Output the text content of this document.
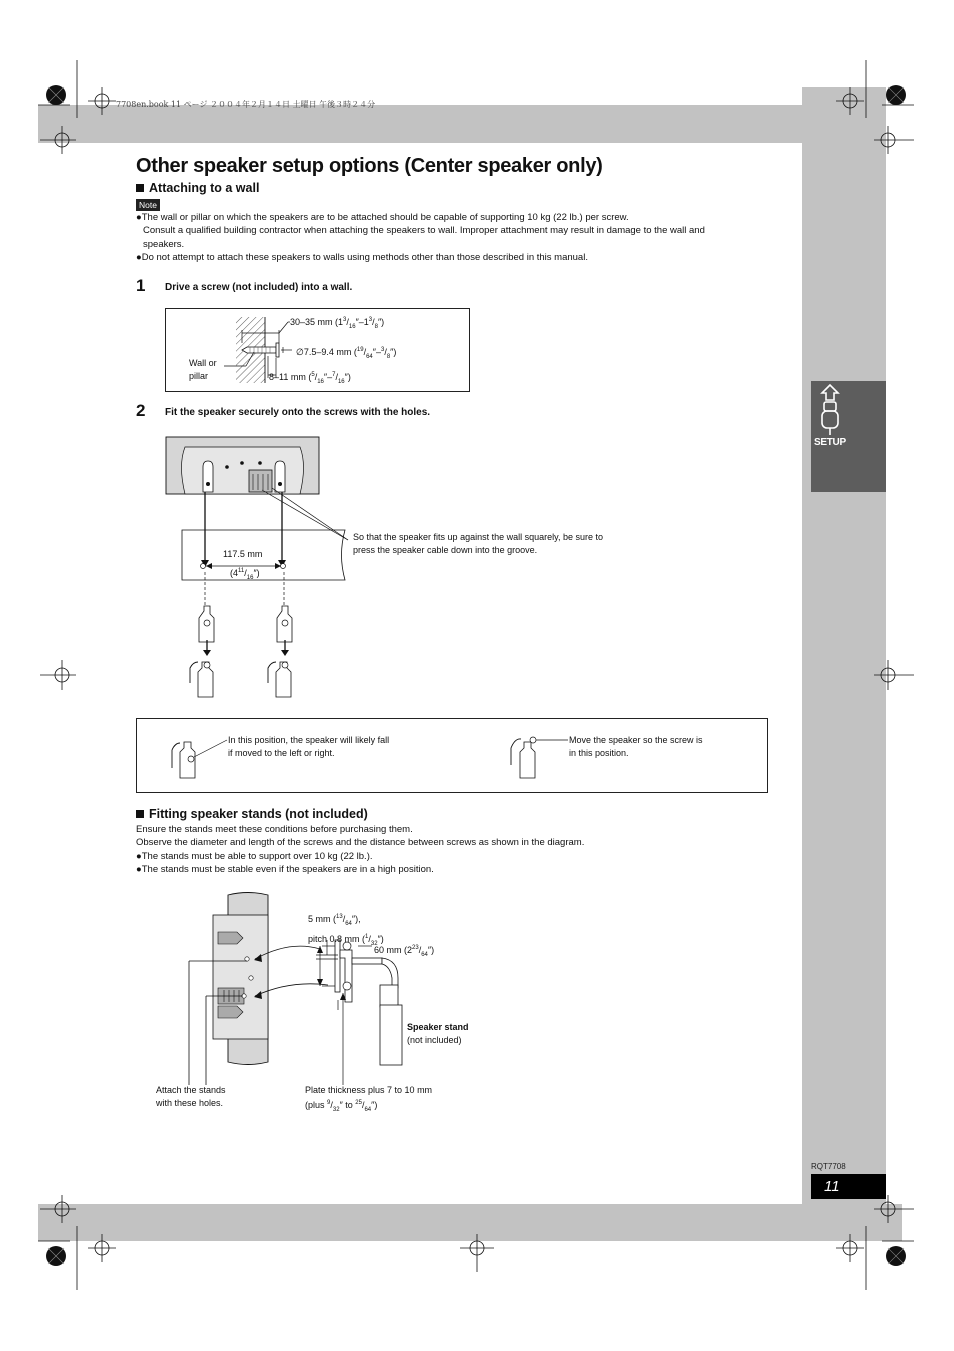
7708en.book 11 ページ ２００４年２月１４日 土曜日 午後３時２４分
SETUP
Other speaker setup options (Center speaker only)
Attaching to a wall
Note
●The wall or pillar on which the speakers are to be attached should be capable of supporting 10 kg (22 lb.) per screw.
Consult a qualified building contractor when attaching the speakers to wall. Improper attachment may result in damage to the wall and
speakers.
●Do not attempt to attach these speakers to walls using methods other than those described in this manual.
1 Drive a screw (not included) into a wall.
30–35 mm $(1^3/_{16}''-1^3/_8'')$
∅7.5–9.4 mm $(^{19}/_{64}''-^3/_8'')$
8–11 mm $(^5/_{16}''-^7/_{16}'')$
Wall or
pillar
2 Fit the speaker securely onto the screws with the holes.
117.5 mm
$(4^{11}/_{16}'')$
So that the speaker fits up against the wall squarely, be sure to
press the speaker cable down into the groove.
In this position, the speaker will likely fall
if moved to the left or right.
Move the speaker so the screw is
in this position.
Fitting speaker stands (not included)
Ensure the stands meet these conditions before purchasing them.
Observe the diameter and length of the screws and the distance between screws as shown in the diagram.
●The stands must be able to support over 10 kg (22 lb.).
●The stands must be stable even if the speakers are in a high position.
5 mm $(^{13}/_{64}'')$,
pitch 0.8 mm $(^1/_{32}'')$
60 mm $(2^{23}/_{64}'')$
Speaker stand
(not included)
Attach the stands
with these holes.
Plate thickness plus 7 to 10 mm
(plus $^9/_{32}''$ to $^{25}/_{64}''$)
RQT7708
11
